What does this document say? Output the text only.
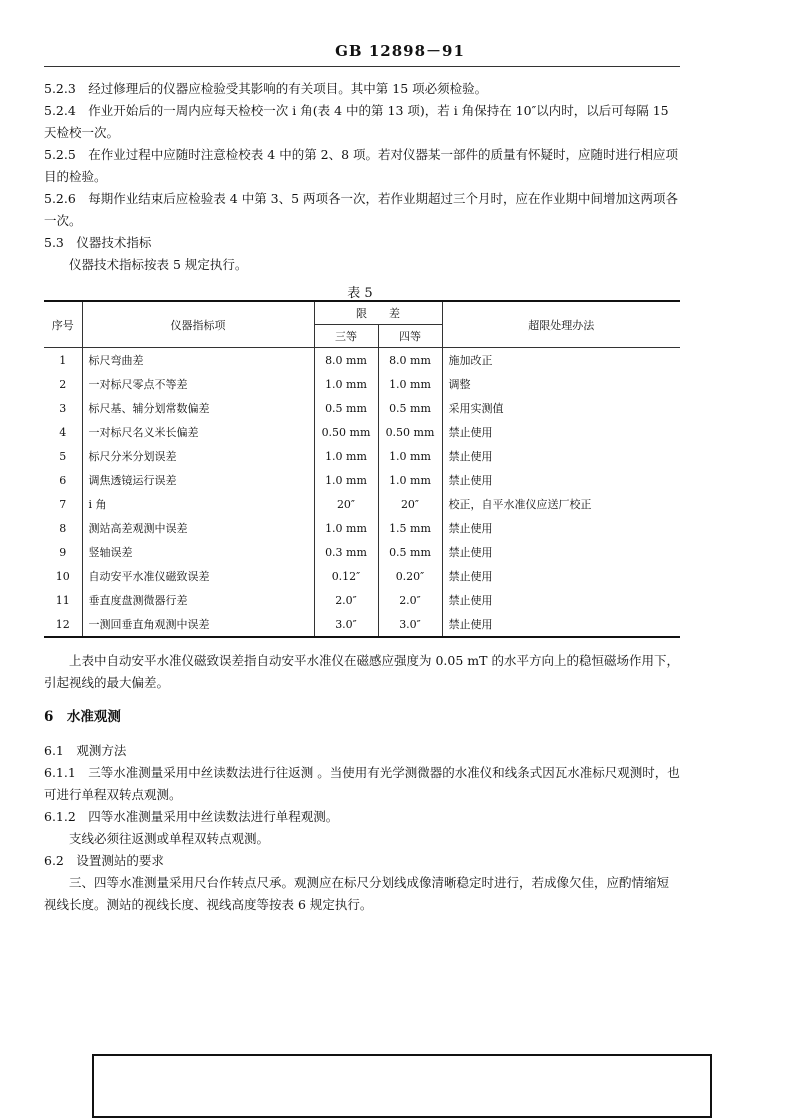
GB 12898－91
5.2.3　经过修理后的仪器应检验受其影响的有关项目。其中第 15 项必须检验。
5.2.4　作业开始后的一周内应每天检校一次 i 角(表 4 中的第 13 项)，若 i 角保持在 10″以内时，以后可每隔 15 天检校一次。
5.2.5　在作业过程中应随时注意检校表 4 中的第 2、8 项。若对仪器某一部件的质量有怀疑时，应随时进行相应项目的检验。
5.2.6　每期作业结束后应检验表 4 中第 3、5 两项各一次，若作业期超过三个月时，应在作业期中间增加这两项各一次。
5.3　仪器技术指标
　　仪器技术指标按表 5 规定执行。
表 5
序号	仪器指标项	限　　差		超限处理办法
		三等	四等	
1	标尺弯曲差	8.0 mm	8.0 mm	施加改正
2	一对标尺零点不等差	1.0 mm	1.0 mm	调整
3	标尺基、辅分划常数偏差	0.5 mm	0.5 mm	采用实测值
4	一对标尺名义米长偏差	0.50 mm	0.50 mm	禁止使用
5	标尺分米分划误差	1.0 mm	1.0 mm	禁止使用
6	调焦透镜运行误差	1.0 mm	1.0 mm	禁止使用
7	i 角	20″	20″	校正，自平水准仪应送厂校正
8	测站高差观测中误差	1.0 mm	1.5 mm	禁止使用
9	竖轴误差	0.3 mm	0.5 mm	禁止使用
10	自动安平水准仪磁致误差	0.12″	0.20″	禁止使用
11	垂直度盘测微器行差	2.0″	2.0″	禁止使用
12	一测回垂直角观测中误差	3.0″	3.0″	禁止使用
　　上表中自动安平水准仪磁致误差指自动安平水准仪在磁感应强度为 0.05 mT 的水平方向上的稳恒磁场作用下，引起视线的最大偏差。
6　水准观测
6.1　观测方法
6.1.1　三等水准测量采用中丝读数法进行往返测 。当使用有光学测微器的水准仪和线条式因瓦水准标尺观测时，也可进行单程双转点观测。
6.1.2　四等水准测量采用中丝读数法进行单程观测。
　　支线必须往返测或单程双转点观测。
6.2　设置测站的要求
　　三、四等水准测量采用尺台作转点尺承。观测应在标尺分划线成像清晰稳定时进行，若成像欠佳，应酌情缩短视线长度。测站的视线长度、视线高度等按表 6 规定执行。
